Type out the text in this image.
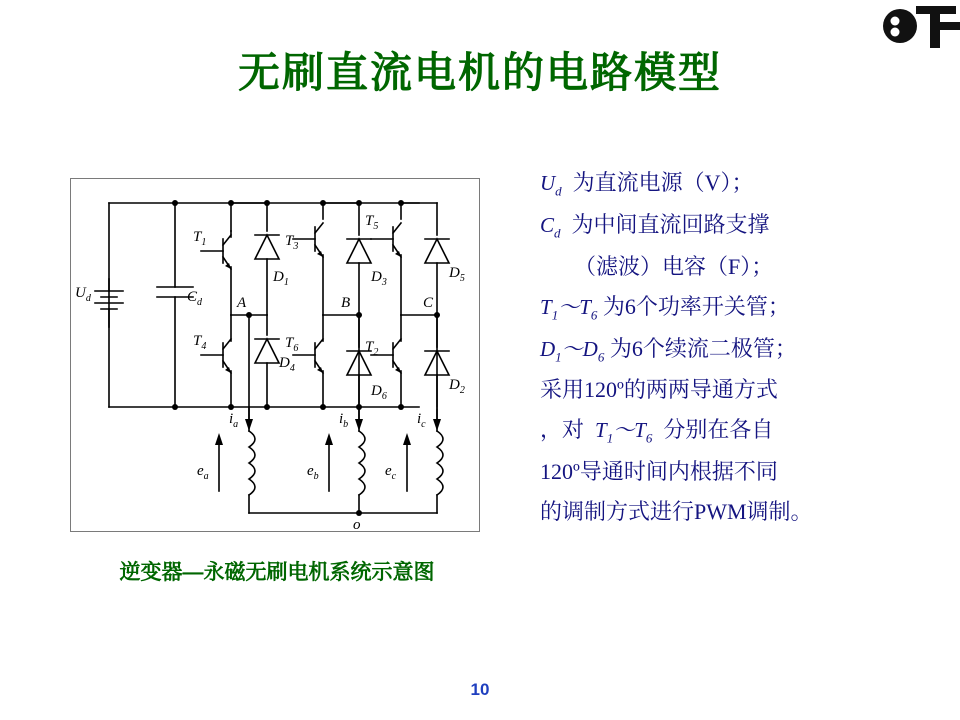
无刷直流电机的电路模型
$U_d$	$C_d$
$T_1$	$T_3$
$T_5$
$T_4$	$T_6$	$T_2$
$D_1$	$D_3$
$D_5$
$D_4$
$D_6$
$D_2$
A	B	C
$i_a$	$i_b$	$i_c$
$e_a$	$e_b$	$e_c$
o
逆变器—永磁无刷电机系统示意图
$U_d$ 为直流电源（V）；
$C_d$ 为中间直流回路支撑
（滤波）电容（F）；
$T_1\sim T_6$ 为6个功率开关管；
$D_1\sim D_6$ 为6个续流二极管；
采用120º的两两导通方式
，对 $T_1\sim T_6$ 分别在各自
120º导通时间内根据不同
的调制方式进行PWM调制。
10
